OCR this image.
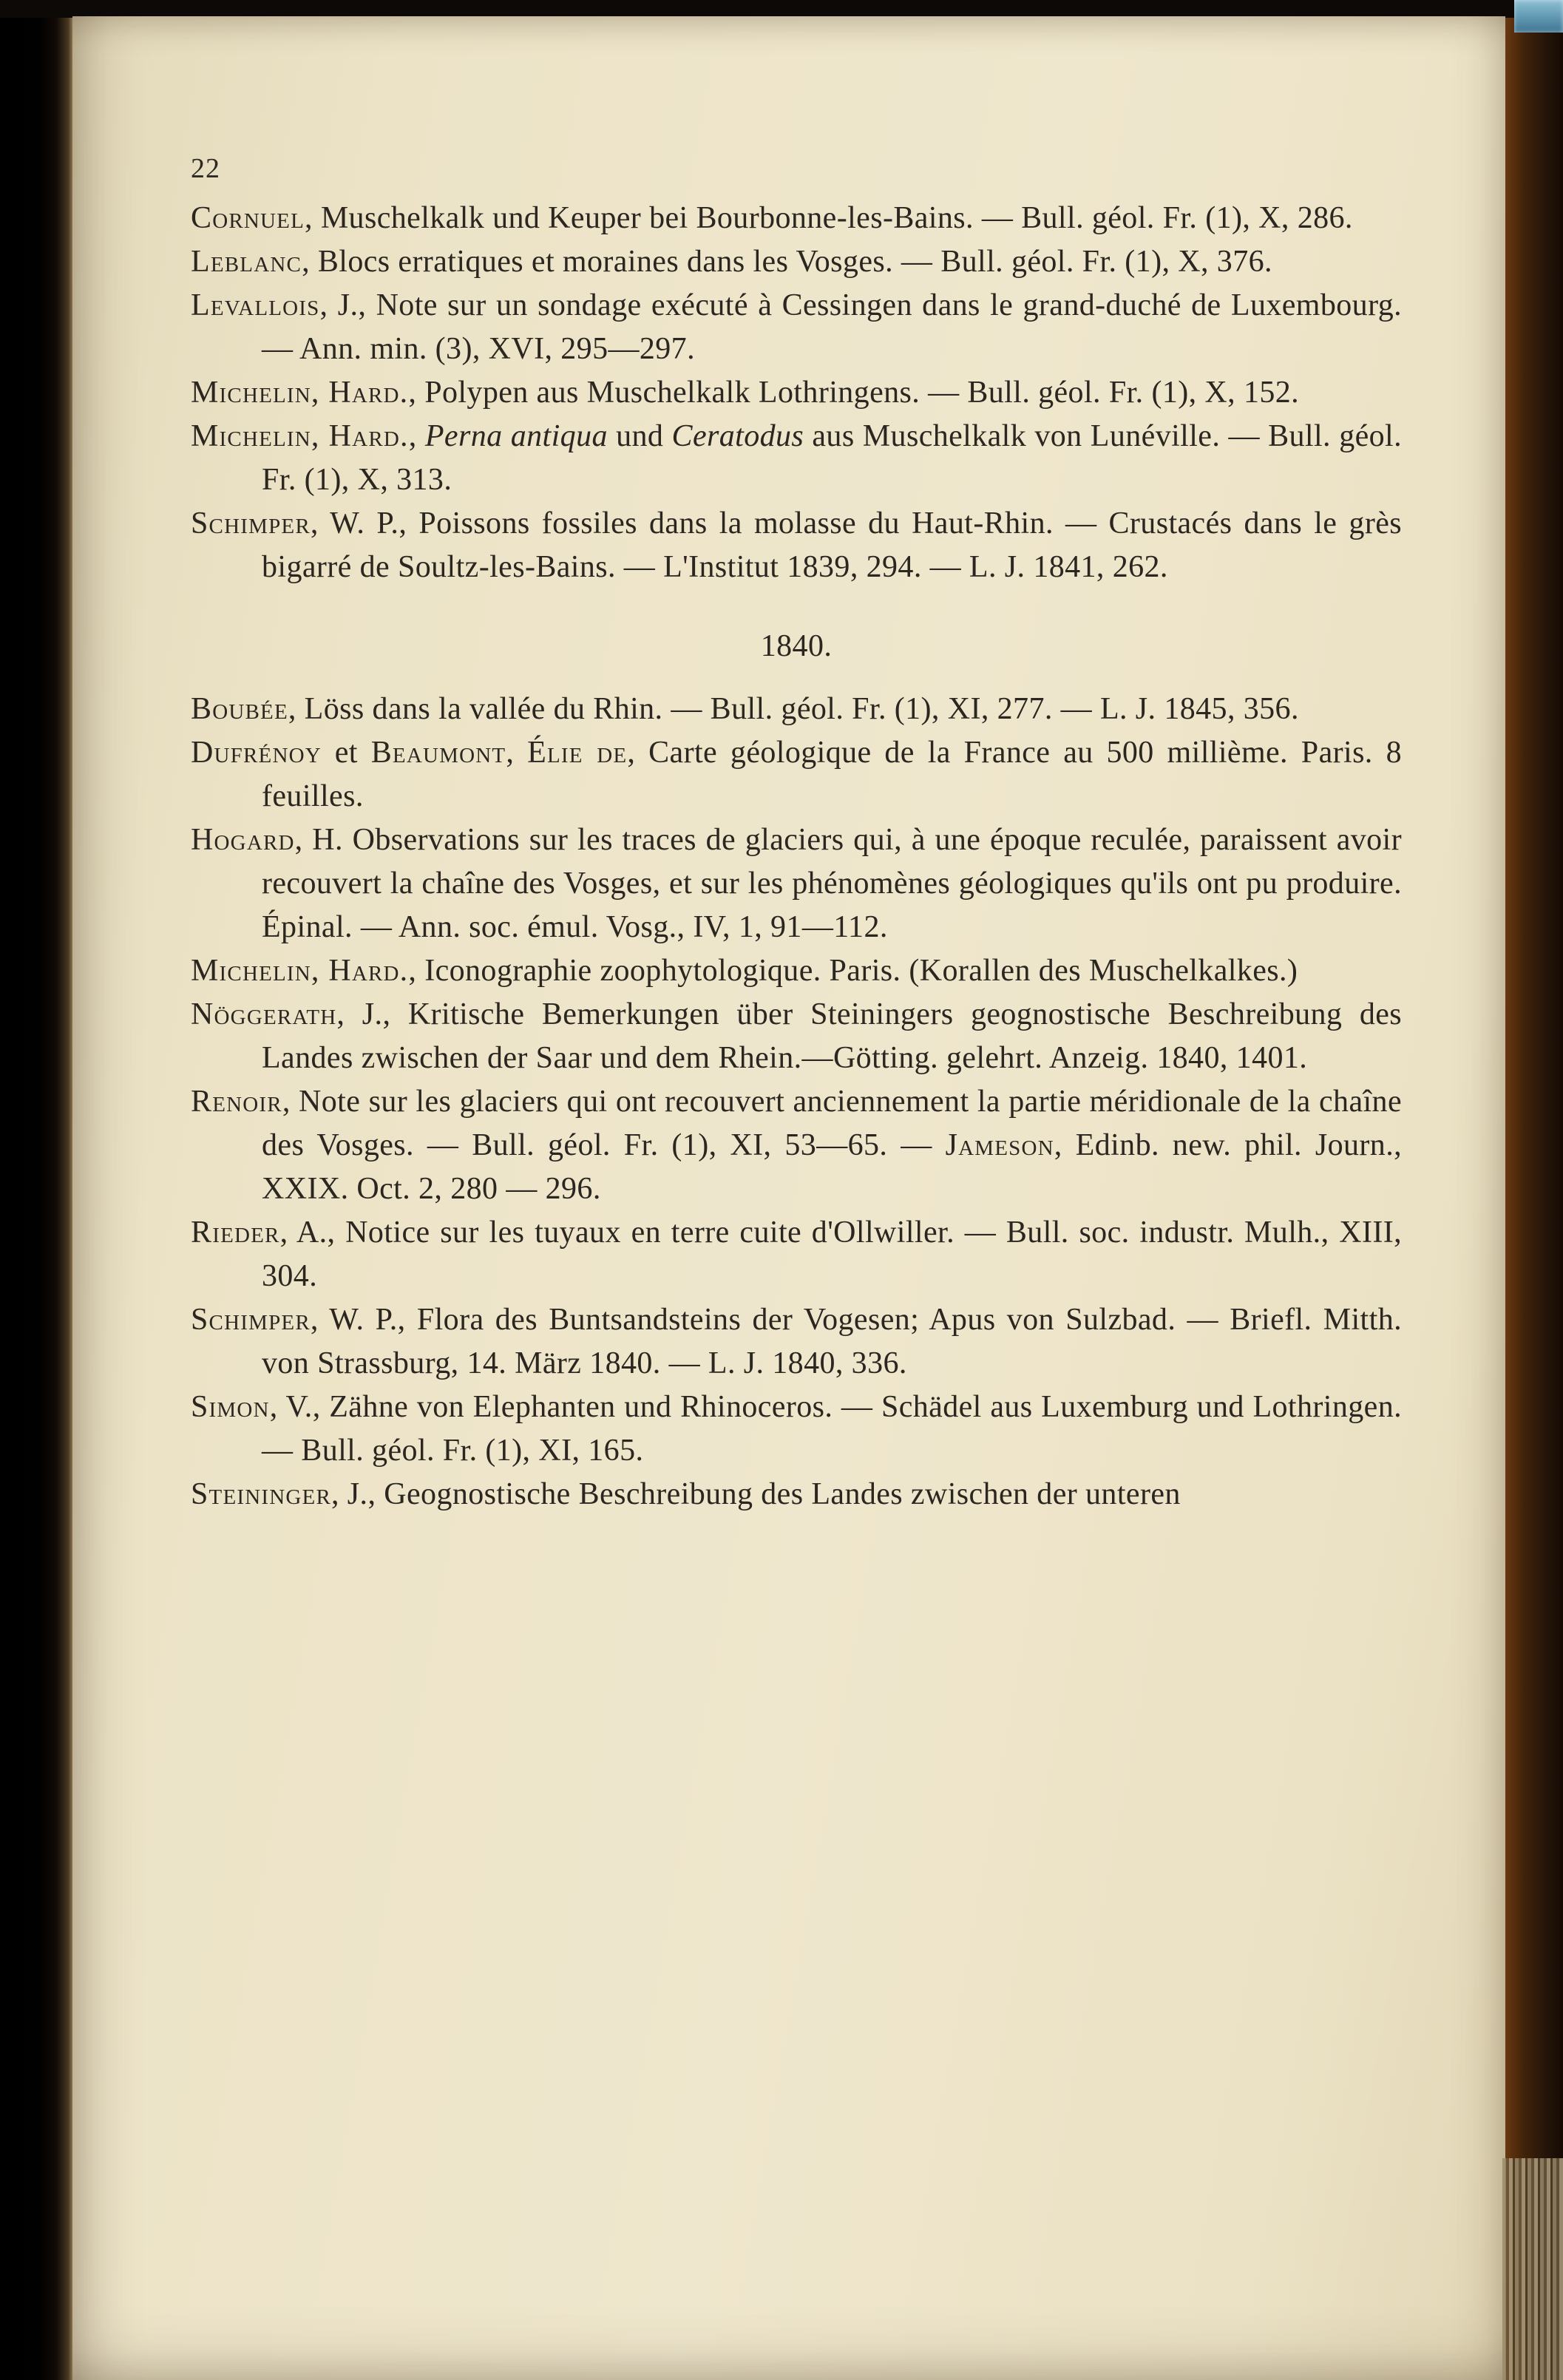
22

Cornuel, Muschelkalk und Keuper bei Bourbonne-les-Bains. — Bull. géol. Fr. (1), X, 286.

Leblanc, Blocs erratiques et moraines dans les Vosges. — Bull. géol. Fr. (1), X, 376.

Levallois, J., Note sur un sondage exécuté à Cessingen dans le grand-duché de Luxembourg. — Ann. min. (3), XVI, 295—297.

Michelin, Hard., Polypen aus Muschelkalk Lothringens. — Bull. géol. Fr. (1), X, 152.

Michelin, Hard., Perna antiqua und Ceratodus aus Muschelkalk von Lunéville. — Bull. géol. Fr. (1), X, 313.

Schimper, W. P., Poissons fossiles dans la molasse du Haut-Rhin. — Crustacés dans le grès bigarré de Soultz-les-Bains. — L'Institut 1839, 294. — L. J. 1841, 262.

1840.

Boubée, Löss dans la vallée du Rhin. — Bull. géol. Fr. (1), XI, 277. — L. J. 1845, 356.

Dufrénoy et Beaumont, Élie de, Carte géologique de la France au 500 millième. Paris. 8 feuilles.

Hogard, H. Observations sur les traces de glaciers qui, à une époque reculée, paraissent avoir recouvert la chaîne des Vosges, et sur les phénomènes géologiques qu'ils ont pu produire. Épinal. — Ann. soc. émul. Vosg., IV, 1, 91—112.

Michelin, Hard., Iconographie zoophytologique. Paris. (Korallen des Muschelkalkes.)

Nöggerath, J., Kritische Bemerkungen über Steiningers geognostische Beschreibung des Landes zwischen der Saar und dem Rhein.—Götting. gelehrt. Anzeig. 1840, 1401.

Renoir, Note sur les glaciers qui ont recouvert anciennement la partie méridionale de la chaîne des Vosges. — Bull. géol. Fr. (1), XI, 53—65. — Jameson, Edinb. new. phil. Journ., XXIX. Oct. 2, 280 — 296.

Rieder, A., Notice sur les tuyaux en terre cuite d'Ollwiller. — Bull. soc. industr. Mulh., XIII, 304.

Schimper, W. P., Flora des Buntsandsteins der Vogesen; Apus von Sulzbad. — Briefl. Mitth. von Strassburg, 14. März 1840. — L. J. 1840, 336.

Simon, V., Zähne von Elephanten und Rhinoceros. — Schädel aus Luxemburg und Lothringen. — Bull. géol. Fr. (1), XI, 165.

Steininger, J., Geognostische Beschreibung des Landes zwischen der unteren
